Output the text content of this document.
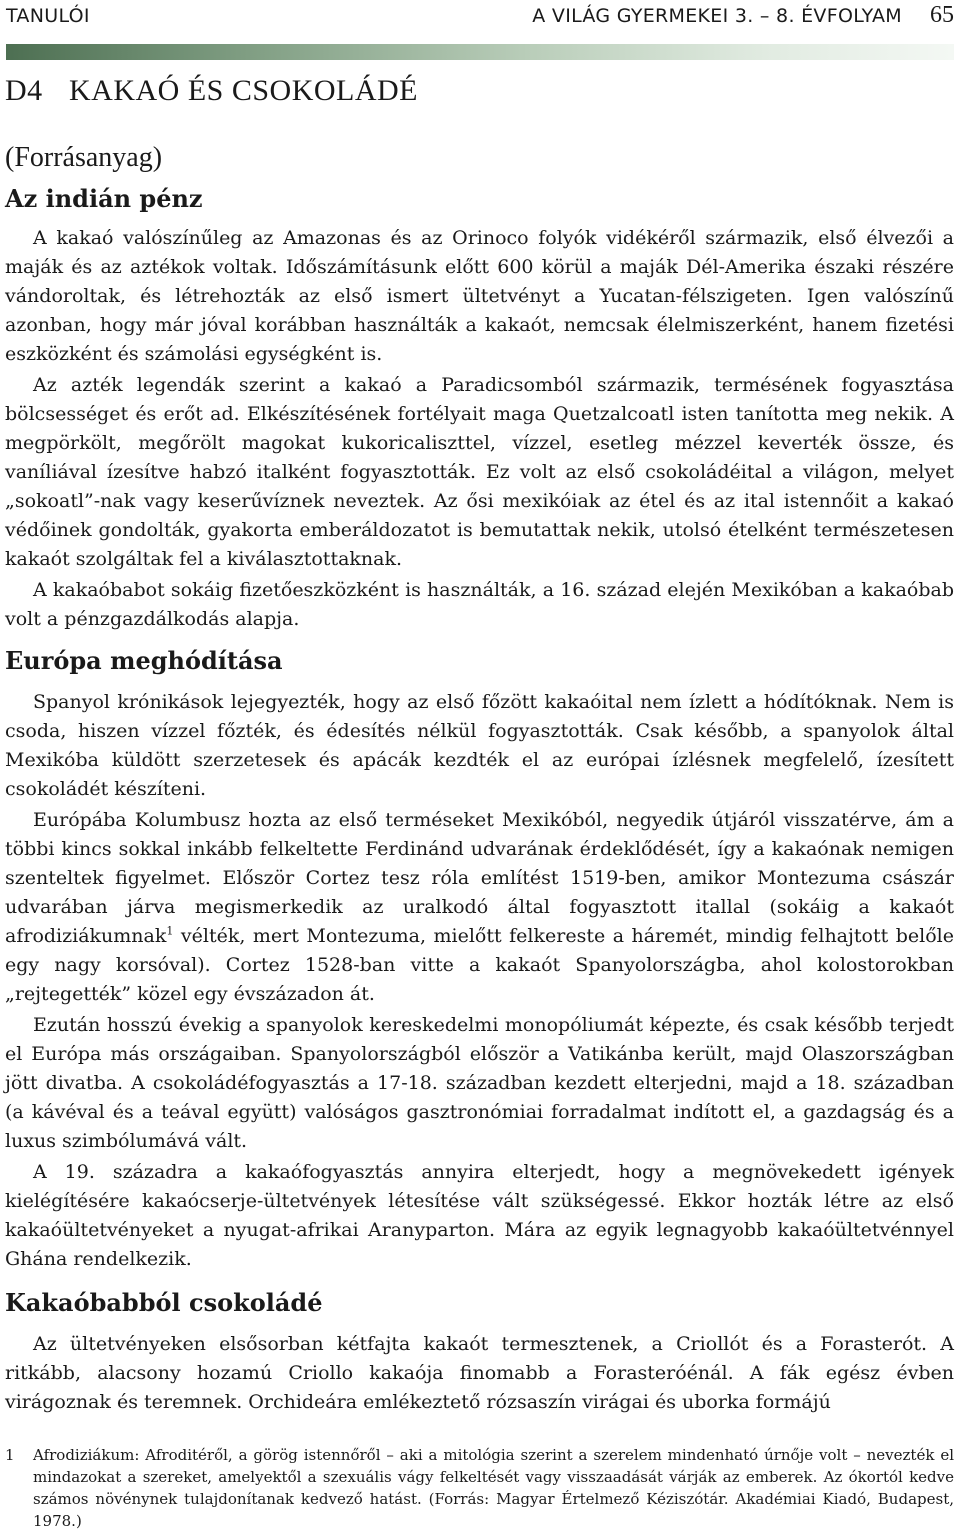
TANULÓI	A VILÁG GYERMEKEI 3. – 8. ÉVFOLYAM 65
D4 KAKAÓ ÉS CSOKOLÁDÉ
(Forrásanyag)
Az indián pénz

A kakaó valószínűleg az Amazonas és az Orinoco folyók vidékéről származik, első élvezői a maják és az aztékok voltak. Időszámításunk előtt 600 körül a maják Dél-Amerika északi részére vándoroltak, és létrehozták az első ismert ültetvényt a Yucatan-félszigeten. Igen valószínű azonban, hogy már jóval korábban használták a kakaót, nemcsak élelmiszerként, hanem fizetési eszközként és számolási egységként is.

Az azték legendák szerint a kakaó a Paradicsomból származik, termésének fogyasztása bölcsességet és erőt ad. Elkészítésének fortélyait maga Quetzalcoatl isten tanította meg nekik. A megpörkölt, megőrölt magokat kukoricaliszttel, vízzel, esetleg mézzel keverték össze, és vaníliával ízesítve habzó italként fogyasztották. Ez volt az első csokoládéital a világon, melyet „sokoatl”-nak vagy keserűvíznek neveztek. Az ősi mexikóiak az étel és az ital istennőit a kakaó védőinek gondolták, gyakorta emberáldozatot is bemutattak nekik, utolsó ételként természetesen kakaót szolgáltak fel a kiválasztottaknak.

A kakaóbabot sokáig fizetőeszközként is használták, a 16. század elején Mexikóban a kakaóbab volt a pénzgazdálkodás alapja.

Európa meghódítása

Spanyol krónikások lejegyezték, hogy az első főzött kakaóital nem ízlett a hódítóknak. Nem is csoda, hiszen vízzel főzték, és édesítés nélkül fogyasztották. Csak később, a spanyolok által Mexikóba küldött szerzetesek és apácák kezdték el az európai ízlésnek megfelelő, ízesített csokoládét készíteni.

Európába Kolumbusz hozta az első terméseket Mexikóból, negyedik útjáról visszatérve, ám a többi kincs sokkal inkább felkeltette Ferdinánd udvarának érdeklődését, így a kakaónak nemigen szenteltek figyelmet. Először Cortez tesz róla említést 1519-ben, amikor Montezuma császár udvarában járva megismerkedik az uralkodó által fogyasztott itallal (sokáig a kakaót afrodiziákumnak$^1$ vélték, mert Montezuma, mielőtt felkereste a háremét, mindig felhajtott belőle egy nagy korsóval). Cortez 1528-ban vitte a kakaót Spanyolországba, ahol kolostorokban „rejtegették” közel egy évszázadon át.

Ezután hosszú évekig a spanyolok kereskedelmi monopóliumát képezte, és csak később terjedt el Európa más országaiban. Spanyolországból először a Vatikánba került, majd Olaszországban jött divatba. A csokoládéfogyasztás a 17-18. században kezdett elterjedni, majd a 18. században (a kávéval és a teával együtt) valóságos gasztronómiai forradalmat indított el, a gazdagság és a luxus szimbólumává vált.

A 19. századra a kakaófogyasztás annyira elterjedt, hogy a megnövekedett igények kielégítésére kakaócserje-ültetvények létesítése vált szükségessé. Ekkor hozták létre az első kakaóültetvényeket a nyugat-afrikai Aranyparton. Mára az egyik legnagyobb kakaóültetvénnyel Ghána rendelkezik.

Kakaóbabból csokoládé

Az ültetvényeken elsősorban kétfajta kakaót termesztenek, a Criollót és a Forasterót. A ritkább, alacsony hozamú Criollo kakaója finomabb a Forasteróénál. A fák egész évben virágoznak és teremnek. Orchideára emlékeztető rózsaszín virágai és uborka formájú

1 Afrodiziákum: Afroditéről, a görög istennőről – aki a mitológia szerint a szerelem mindenható úrnője volt – nevezték el mindazokat a szereket, amelyektől a szexuális vágy felkeltését vagy visszaadását várják az emberek. Az ókortól kedve számos növénynek tulajdonítanak kedvező hatást. (Forrás: Magyar Értelmező Kéziszótár. Akadémiai Kiadó, Budapest, 1978.)
